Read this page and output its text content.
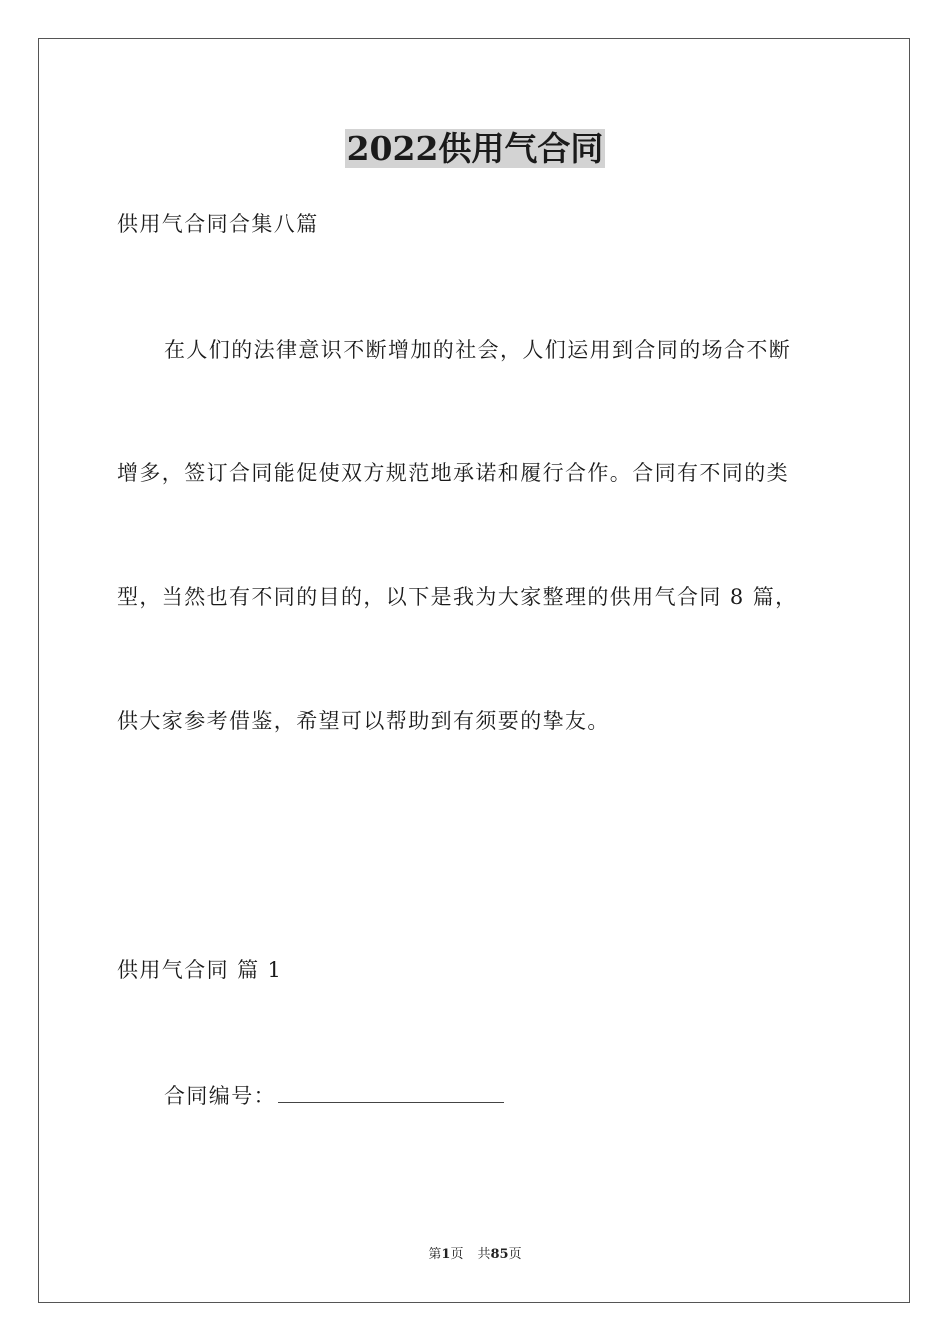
2022供用气合同
供用气合同合集八篇
在人们的法律意识不断增加的社会，人们运用到合同的场合不断
增多，签订合同能促使双方规范地承诺和履行合作。合同有不同的类
型，当然也有不同的目的，以下是我为大家整理的供用气合同 8 篇，
供大家参考借鉴，希望可以帮助到有须要的挚友。
供用气合同 篇 1
合同编号：
第1页 共85页
